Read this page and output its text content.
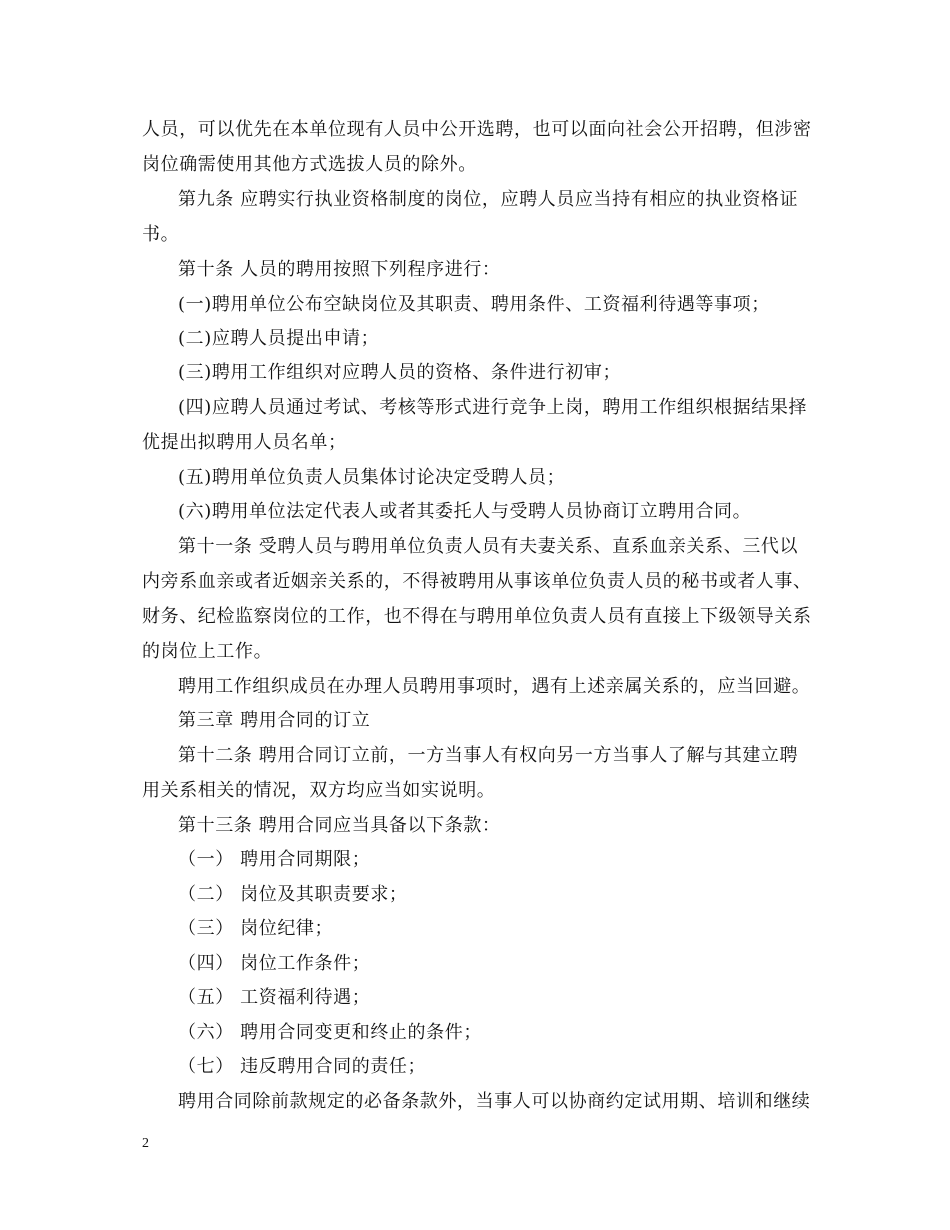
人员，可以优先在本单位现有人员中公开选聘，也可以面向社会公开招聘，但涉密
岗位确需使用其他方式选拔人员的除外。
第九条 应聘实行执业资格制度的岗位，应聘人员应当持有相应的执业资格证
书。
第十条 人员的聘用按照下列程序进行：
(一)聘用单位公布空缺岗位及其职责、聘用条件、工资福利待遇等事项；
(二)应聘人员提出申请；
(三)聘用工作组织对应聘人员的资格、条件进行初审；
(四)应聘人员通过考试、考核等形式进行竞争上岗，聘用工作组织根据结果择
优提出拟聘用人员名单；
(五)聘用单位负责人员集体讨论决定受聘人员；
(六)聘用单位法定代表人或者其委托人与受聘人员协商订立聘用合同。
第十一条 受聘人员与聘用单位负责人员有夫妻关系、直系血亲关系、三代以
内旁系血亲或者近姻亲关系的，不得被聘用从事该单位负责人员的秘书或者人事、
财务、纪检监察岗位的工作，也不得在与聘用单位负责人员有直接上下级领导关系
的岗位上工作。
聘用工作组织成员在办理人员聘用事项时，遇有上述亲属关系的，应当回避。
第三章 聘用合同的订立
第十二条 聘用合同订立前，一方当事人有权向另一方当事人了解与其建立聘
用关系相关的情况，双方均应当如实说明。
第十三条 聘用合同应当具备以下条款：
（一） 聘用合同期限；
（二） 岗位及其职责要求；
（三） 岗位纪律；
（四） 岗位工作条件；
（五） 工资福利待遇；
（六） 聘用合同变更和终止的条件；
（七） 违反聘用合同的责任；
聘用合同除前款规定的必备条款外，当事人可以协商约定试用期、培训和继续
2
